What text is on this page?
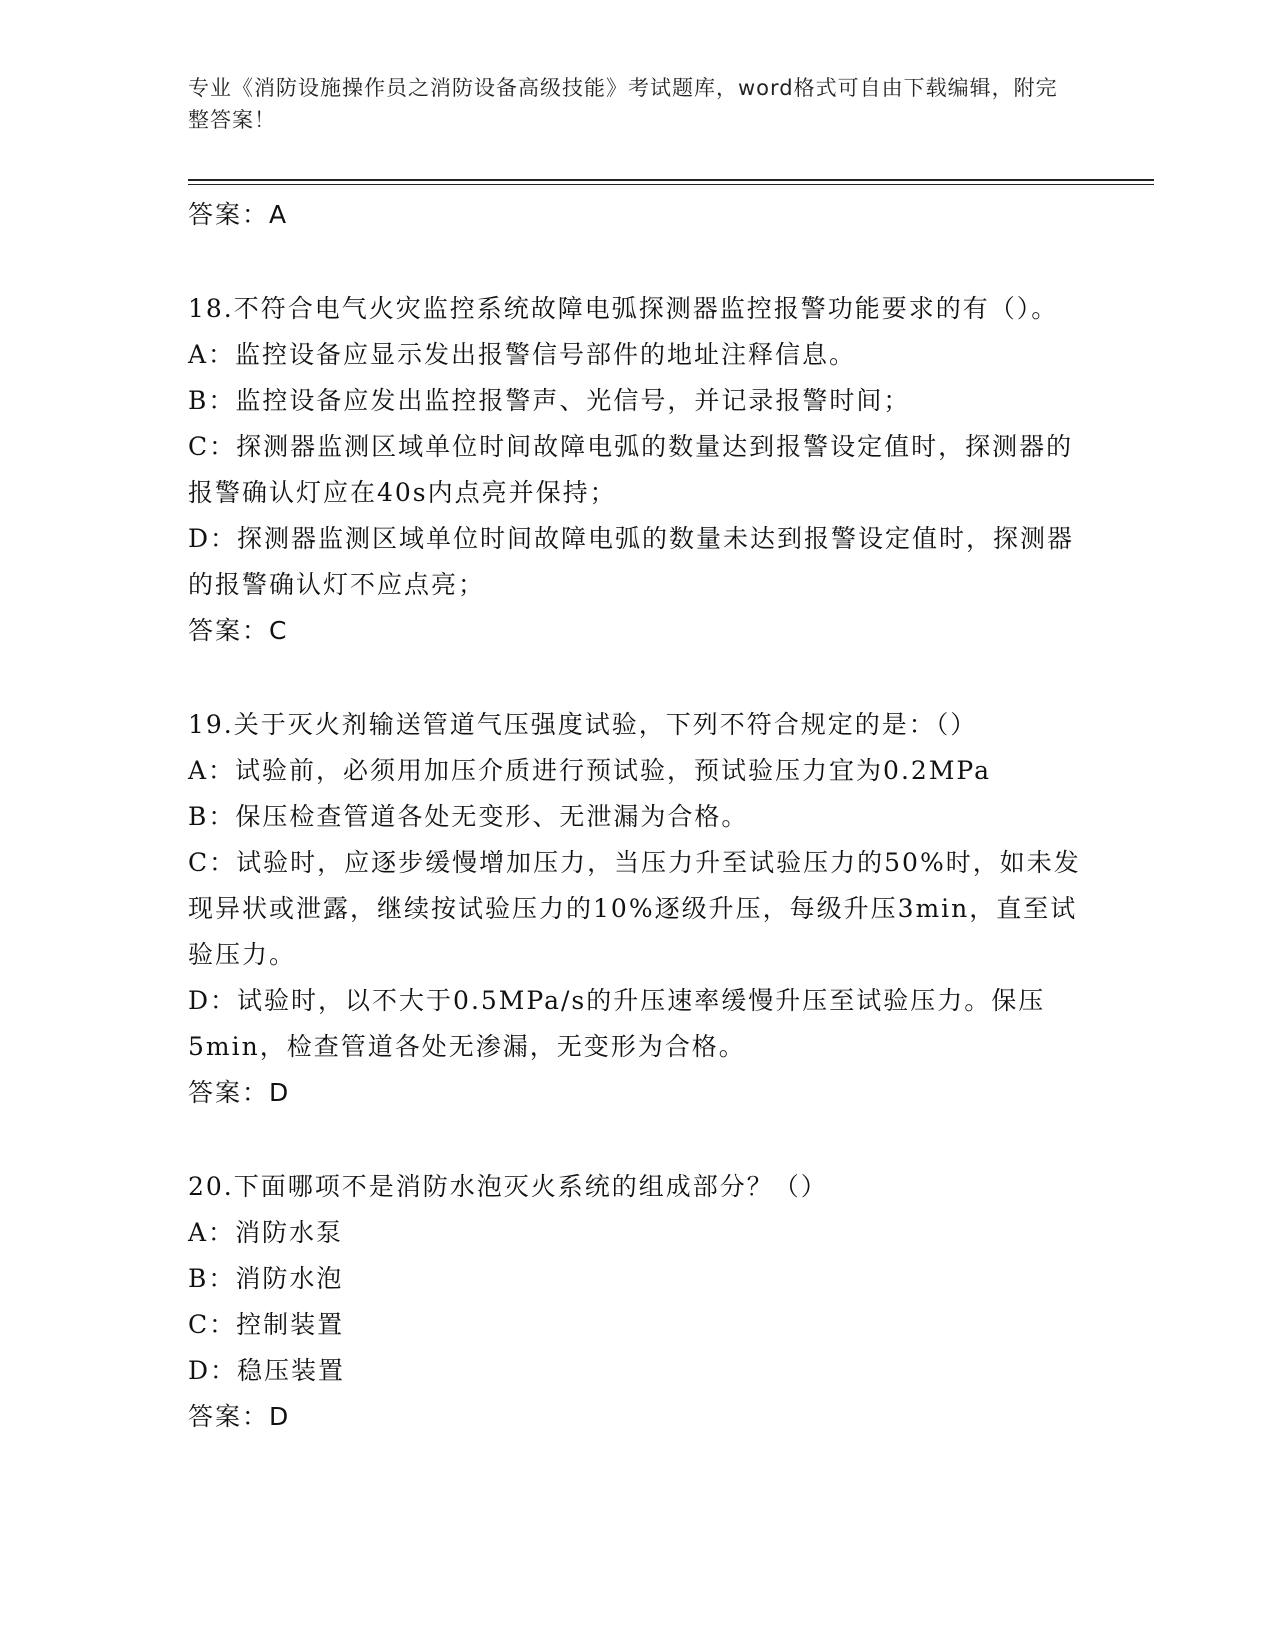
专业《消防设施操作员之消防设备高级技能》考试题库，word格式可自由下载编辑，附完整答案！
答案：A
18.不符合电气火灾监控系统故障电弧探测器监控报警功能要求的有（）。
A：监控设备应显示发出报警信号部件的地址注释信息。
B：监控设备应发出监控报警声、光信号，并记录报警时间；
C：探测器监测区域单位时间故障电弧的数量达到报警设定值时，探测器的报警确认灯应在40s内点亮并保持；
D：探测器监测区域单位时间故障电弧的数量未达到报警设定值时，探测器的报警确认灯不应点亮；
答案：C
19.关于灭火剂输送管道气压强度试验，下列不符合规定的是：（）
A：试验前，必须用加压介质进行预试验，预试验压力宜为0.2MPa
B：保压检查管道各处无变形、无泄漏为合格。
C：试验时，应逐步缓慢增加压力，当压力升至试验压力的50%时，如未发现异状或泄露，继续按试验压力的10%逐级升压，每级升压3min，直至试验压力。
D：试验时，以不大于0.5MPa/s的升压速率缓慢升压至试验压力。保压5min，检查管道各处无渗漏，无变形为合格。
答案：D
20.下面哪项不是消防水泡灭火系统的组成部分？（）
A：消防水泵
B：消防水泡
C：控制装置
D：稳压装置
答案：D
